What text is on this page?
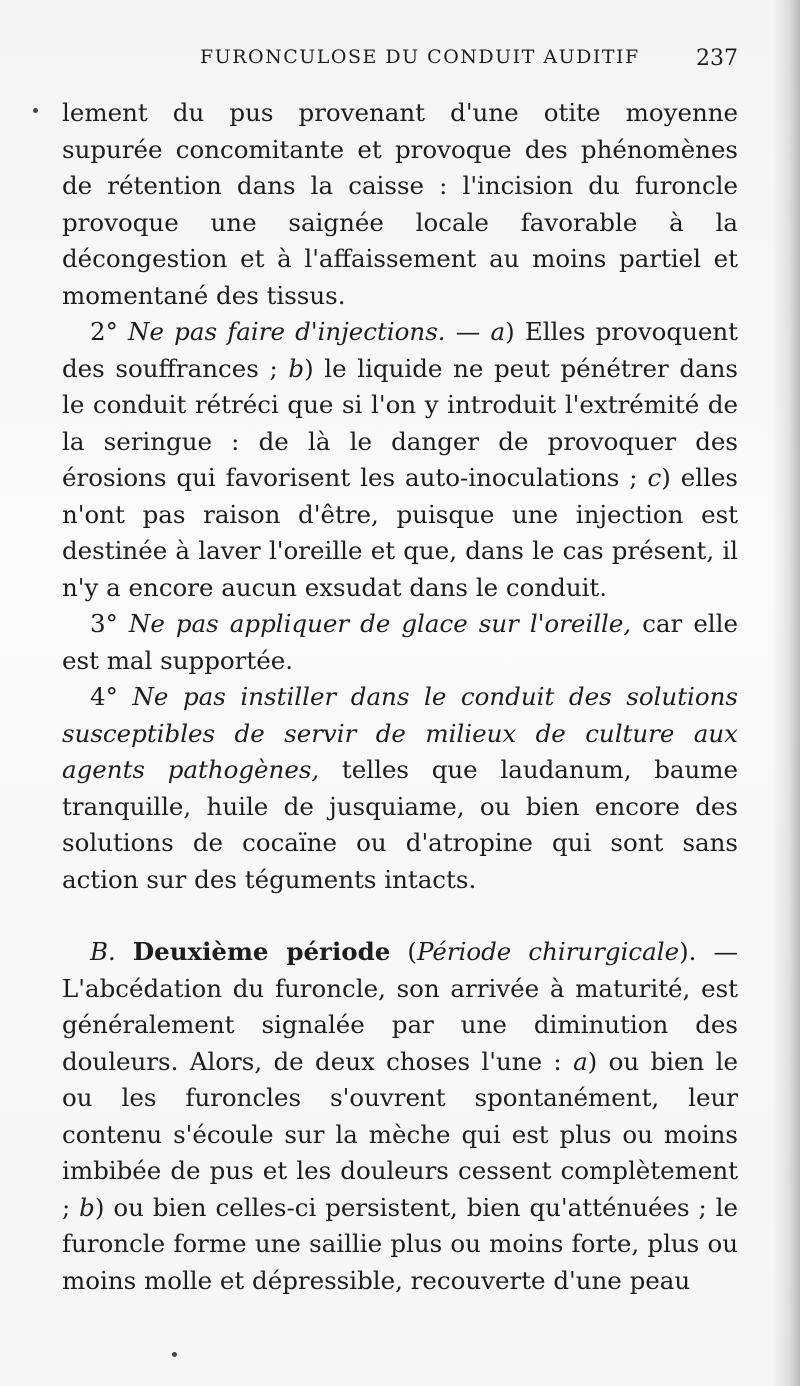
FURONCULOSE DU CONDUIT AUDITIF	237

lement du pus provenant d'une otite moyenne supurée concomitante et provoque des phénomènes de rétention dans la caisse : l'incision du furoncle provoque une saignée locale favorable à la décongestion et à l'affaissement au moins partiel et momentané des tissus.

2° Ne pas faire d'injections. — a) Elles provoquent des souffrances ; b) le liquide ne peut pénétrer dans le conduit rétréci que si l'on y introduit l'extrémité de la seringue : de là le danger de provoquer des érosions qui favorisent les auto-inoculations ; c) elles n'ont pas raison d'être, puisque une injection est destinée à laver l'oreille et que, dans le cas présent, il n'y a encore aucun exsudat dans le conduit.

3° Ne pas appliquer de glace sur l'oreille, car elle est mal supportée.

4° Ne pas instiller dans le conduit des solutions susceptibles de servir de milieux de culture aux agents pathogènes, telles que laudanum, baume tranquille, huile de jusquiame, ou bien encore des solutions de cocaïne ou d'atropine qui sont sans action sur des téguments intacts.

B. Deuxième période (Période chirurgicale). — L'abcédation du furoncle, son arrivée à maturité, est généralement signalée par une diminution des douleurs. Alors, de deux choses l'une : a) ou bien le ou les furoncles s'ouvrent spontanément, leur contenu s'écoule sur la mèche qui est plus ou moins imbibée de pus et les douleurs cessent complètement ; b) ou bien celles-ci persistent, bien qu'atténuées ; le furoncle forme une saillie plus ou moins forte, plus ou moins molle et dépressible, recouverte d'une peau
